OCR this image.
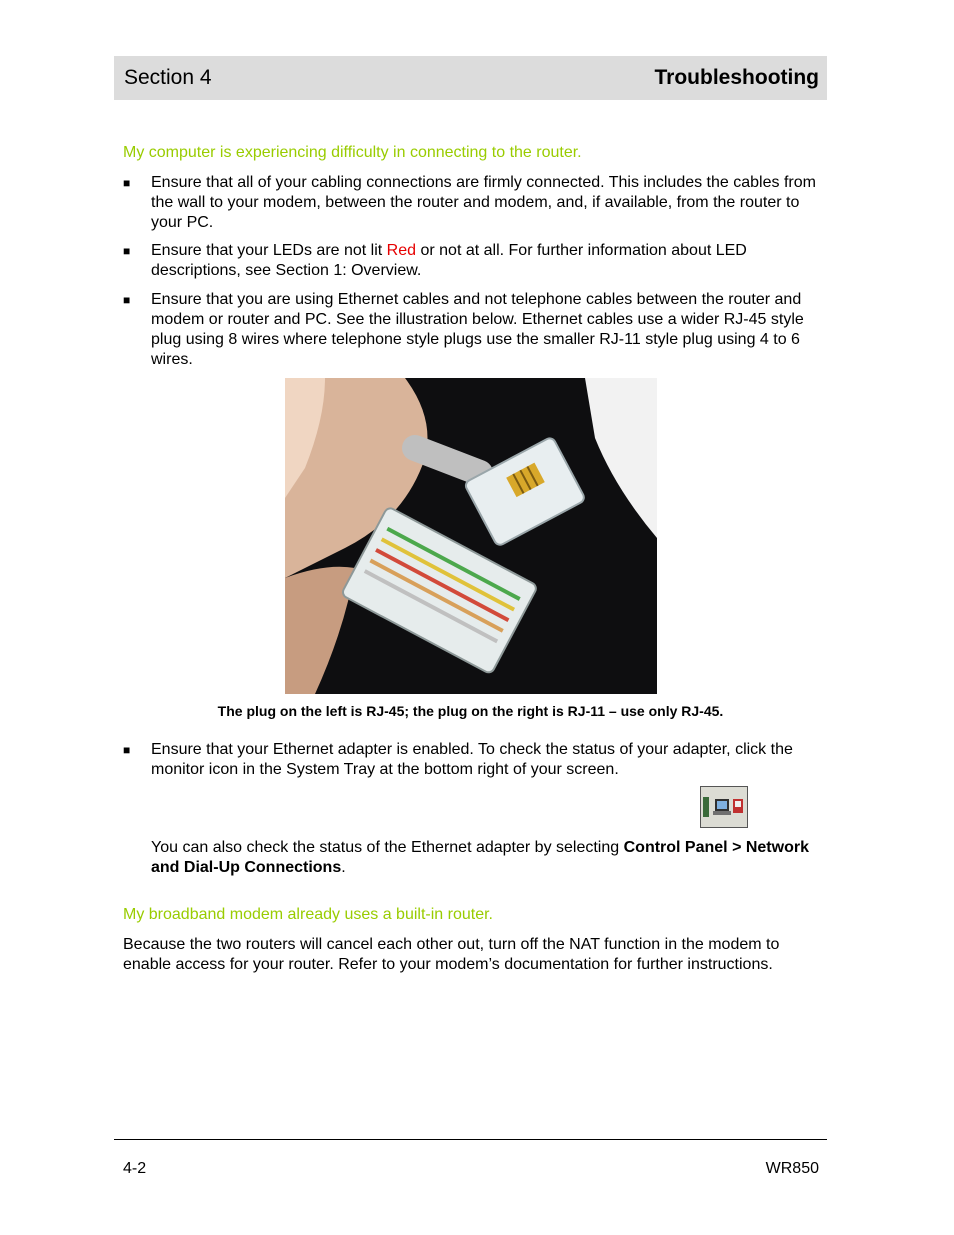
Section 4	Troubleshooting
My computer is experiencing difficulty in connecting to the router.
■ Ensure that all of your cabling connections are firmly connected. This includes the cables from the wall to your modem, between the router and modem, and, if available, from the router to your PC.
■ Ensure that your LEDs are not lit Red or not at all. For further information about LED descriptions, see Section 1: Overview.
■ Ensure that you are using Ethernet cables and not telephone cables between the router and modem or router and PC. See the illustration below. Ethernet cables use a wider RJ-45 style plug using 8 wires where telephone style plugs use the smaller RJ-11 style plug using 4 to 6 wires.
The plug on the left is RJ-45; the plug on the right is RJ-11 – use only RJ-45.
■ Ensure that your Ethernet adapter is enabled. To check the status of your adapter, click the monitor icon in the System Tray at the bottom right of your screen.
You can also check the status of the Ethernet adapter by selecting Control Panel > Network and Dial-Up Connections.
My broadband modem already uses a built-in router.
Because the two routers will cancel each other out, turn off the NAT function in the modem to enable access for your router. Refer to your modem’s documentation for further instructions.
4-2	WR850
